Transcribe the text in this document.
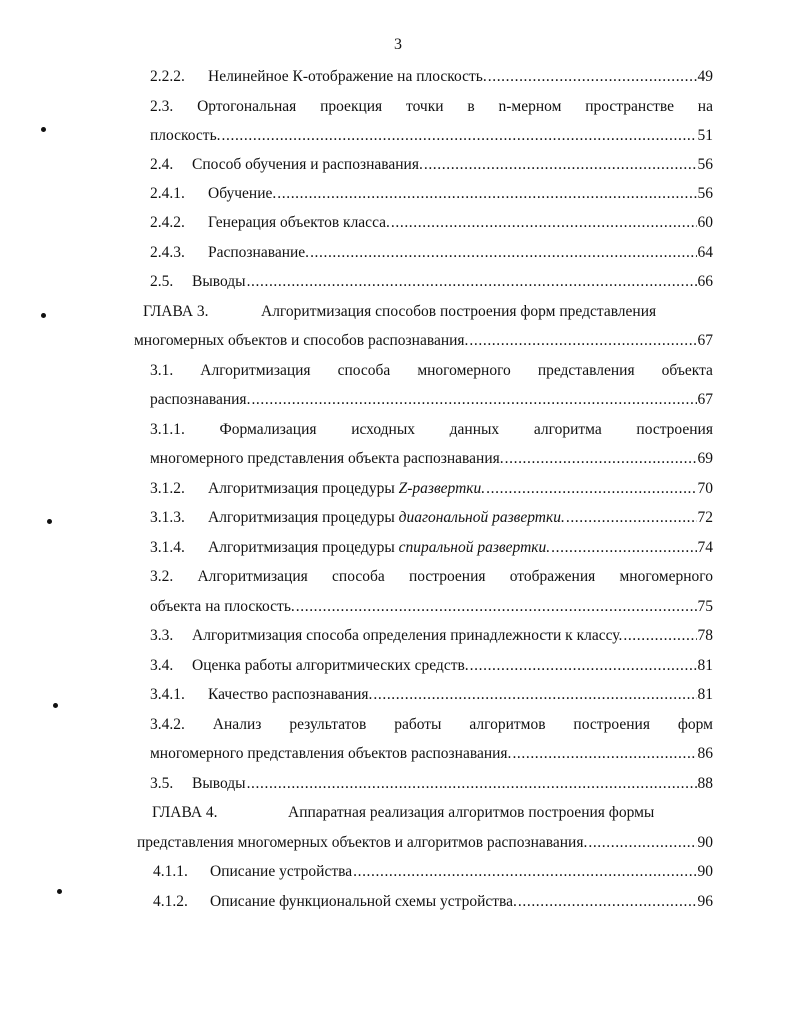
3
2.2.2.	Нелинейное К-отображение на плоскость. .....	49
2.3. Ортогональная проекция точки в n-мерном пространстве на
плоскость. .....	51
2.4.	Способ обучения и распознавания. .....	56
2.4.1.	Обучение. .....	56
2.4.2.	Генерация объектов класса. .....	60
2.4.3.	Распознавание. .....	64
2.5.	Выводы .....	66
ГЛАВА 3.	Алгоритмизация способов построения форм представления
многомерных объектов и способов распознавания. .....	67
3.1. Алгоритмизация способа многомерного представления объекта
распознавания. .....	67
3.1.1. Формализация исходных данных алгоритма построения
многомерного представления объекта распознавания. .....	69
3.1.2.	Алгоритмизация процедуры Z-развертки. .....	70
3.1.3.	Алгоритмизация процедуры диагональной развертки. .....	72
3.1.4.	Алгоритмизация процедуры спиральной развертки. .....	74
3.2. Алгоритмизация способа построения отображения многомерного
объекта на плоскость. .....	75
3.3.	Алгоритмизация способа определения принадлежности к классу. .....	78
3.4.	Оценка работы алгоритмических средств. .....	81
3.4.1.	Качество распознавания. .....	81
3.4.2. Анализ результатов работы алгоритмов построения форм
многомерного представления объектов распознавания. .....	86
3.5.	Выводы .....	88
ГЛАВА 4.	Аппаратная реализация алгоритмов построения формы
представления многомерных объектов и алгоритмов распознавания. .....	90
4.1.1.	Описание устройства .....	90
4.1.2.	Описание функциональной схемы устройства. .....	96
